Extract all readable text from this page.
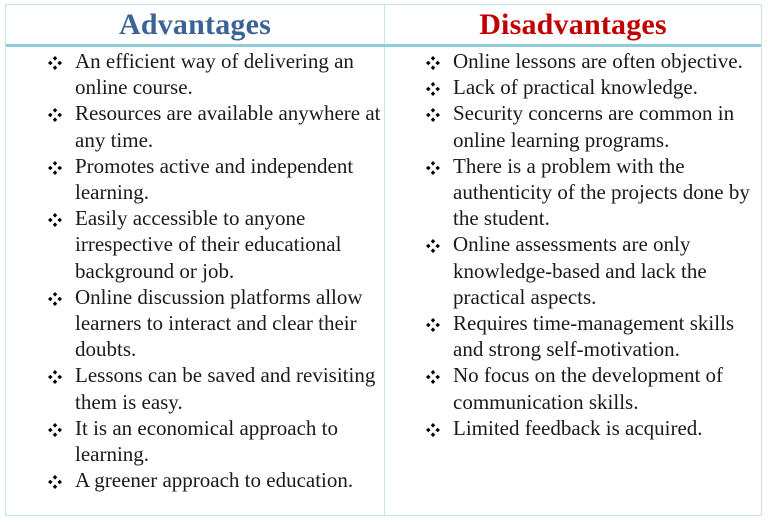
Advantages
An efficient way of delivering an online course.
Resources are available anywhere at any time.
Promotes active and independent learning.
Easily accessible to anyone irrespective of their educational background or job.
Online discussion platforms allow learners to interact and clear their doubts.
Lessons can be saved and revisiting them is easy.
It is an economical approach to learning.
A greener approach to education.
Disadvantages
Online lessons are often objective.
Lack of practical knowledge.
Security concerns are common in online learning programs.
There is a problem with the authenticity of the projects done by the student.
Online assessments are only knowledge-based and lack the practical aspects.
Requires time-management skills and strong self-motivation.
No focus on the development of communication skills.
Limited feedback is acquired.
